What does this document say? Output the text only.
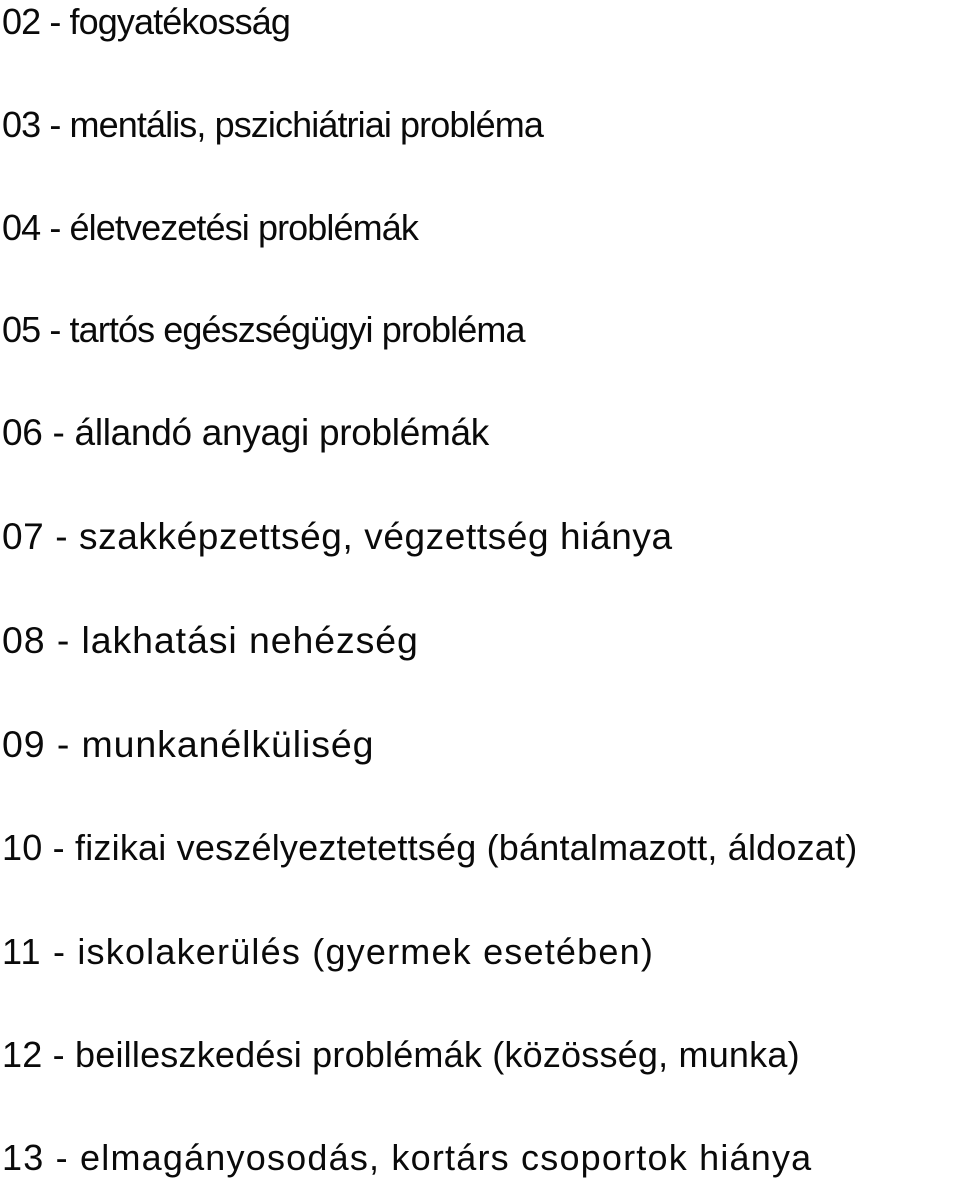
02 - fogyatékosság
03 - mentális, pszichiátriai probléma
04 - életvezetési problémák
05 - tartós egészségügyi probléma
06 - állandó anyagi problémák
07 - szakképzettség, végzettség hiánya
08 - lakhatási nehézség
09 - munkanélküliség
10 - fizikai veszélyeztetettség (bántalmazott, áldozat)
11 - iskolakerülés (gyermek esetében)
12 - beilleszkedési problémák (közösség, munka)
13 - elmagányosodás, kortárs csoportok hiánya
